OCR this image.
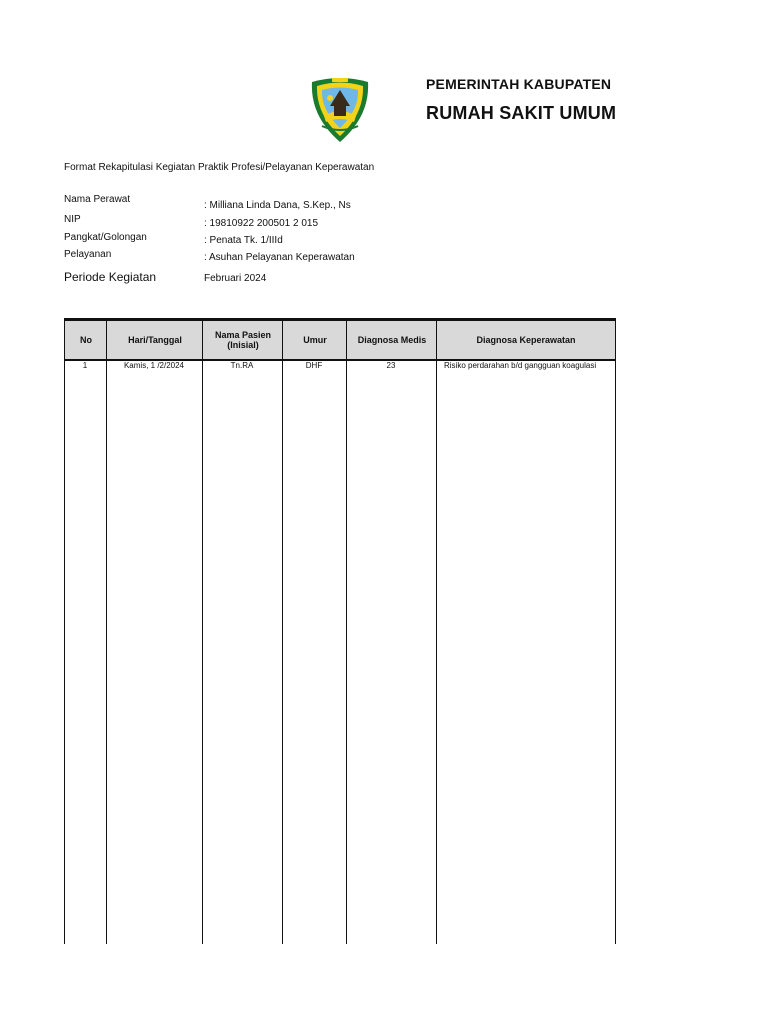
PEMERINTAH KABUPATEN
RUMAH SAKIT UMUM
Format Rekapitulasi Kegiatan Praktik Profesi/Pelayanan Keperawatan
Nama Perawat
: Milliana Linda Dana, S.Kep., Ns
NIP	: 19810922 200501 2 015
Pangkat/Golongan	: Penata Tk. 1/IIId
Pelayanan	: Asuhan Pelayanan Keperawatan
Periode Kegiatan	Februari 2024
No	Hari/Tanggal	Nama Pasien (Inisial)	Umur	Diagnosa Medis	Diagnosa Keperawatan
1	Kamis, 1 /2/2024	Tn.RA	DHF	23	Risiko perdarahan b/d gangguan koagulasi
